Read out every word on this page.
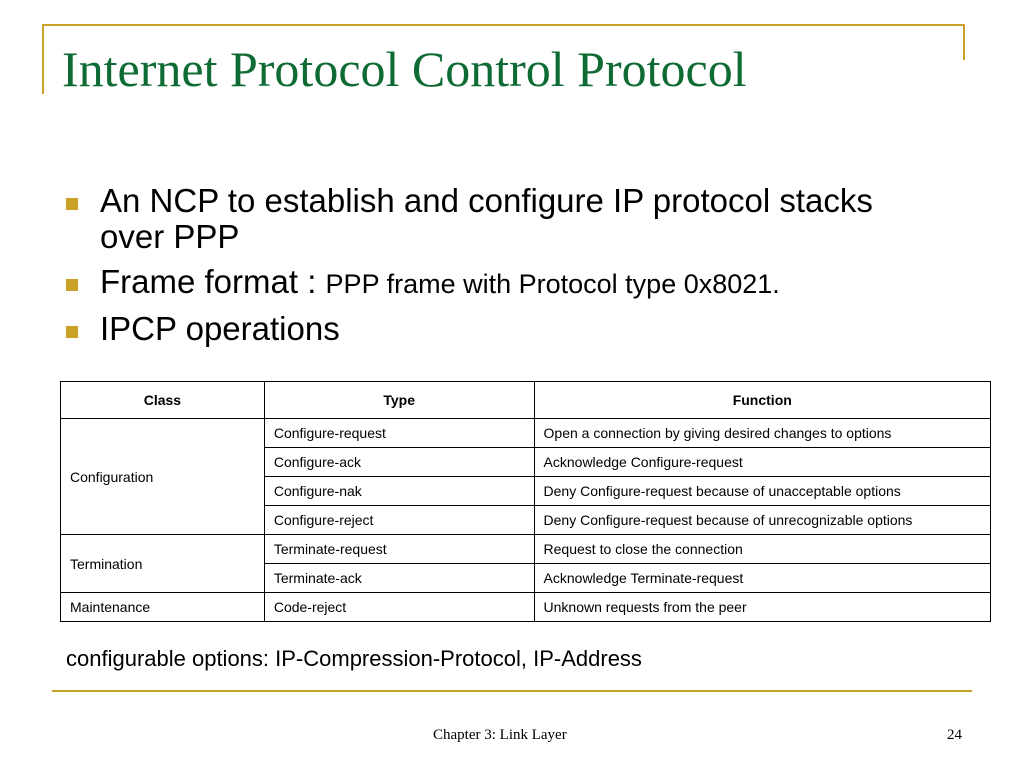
Internet Protocol Control Protocol
An NCP to establish and configure IP protocol stacks over PPP
Frame format : PPP frame with Protocol type 0x8021.
IPCP operations
Class	Type	Function
Configuration	Configure-request	Open a connection by giving desired changes to options
	Configure-ack	Acknowledge Configure-request
	Configure-nak	Deny Configure-request because of unacceptable options
	Configure-reject	Deny Configure-request because of unrecognizable options
Termination	Terminate-request	Request to close the connection
	Terminate-ack	Acknowledge Terminate-request
Maintenance	Code-reject	Unknown requests from the peer
configurable options: IP-Compression-Protocol, IP-Address
Chapter 3: Link Layer	24
